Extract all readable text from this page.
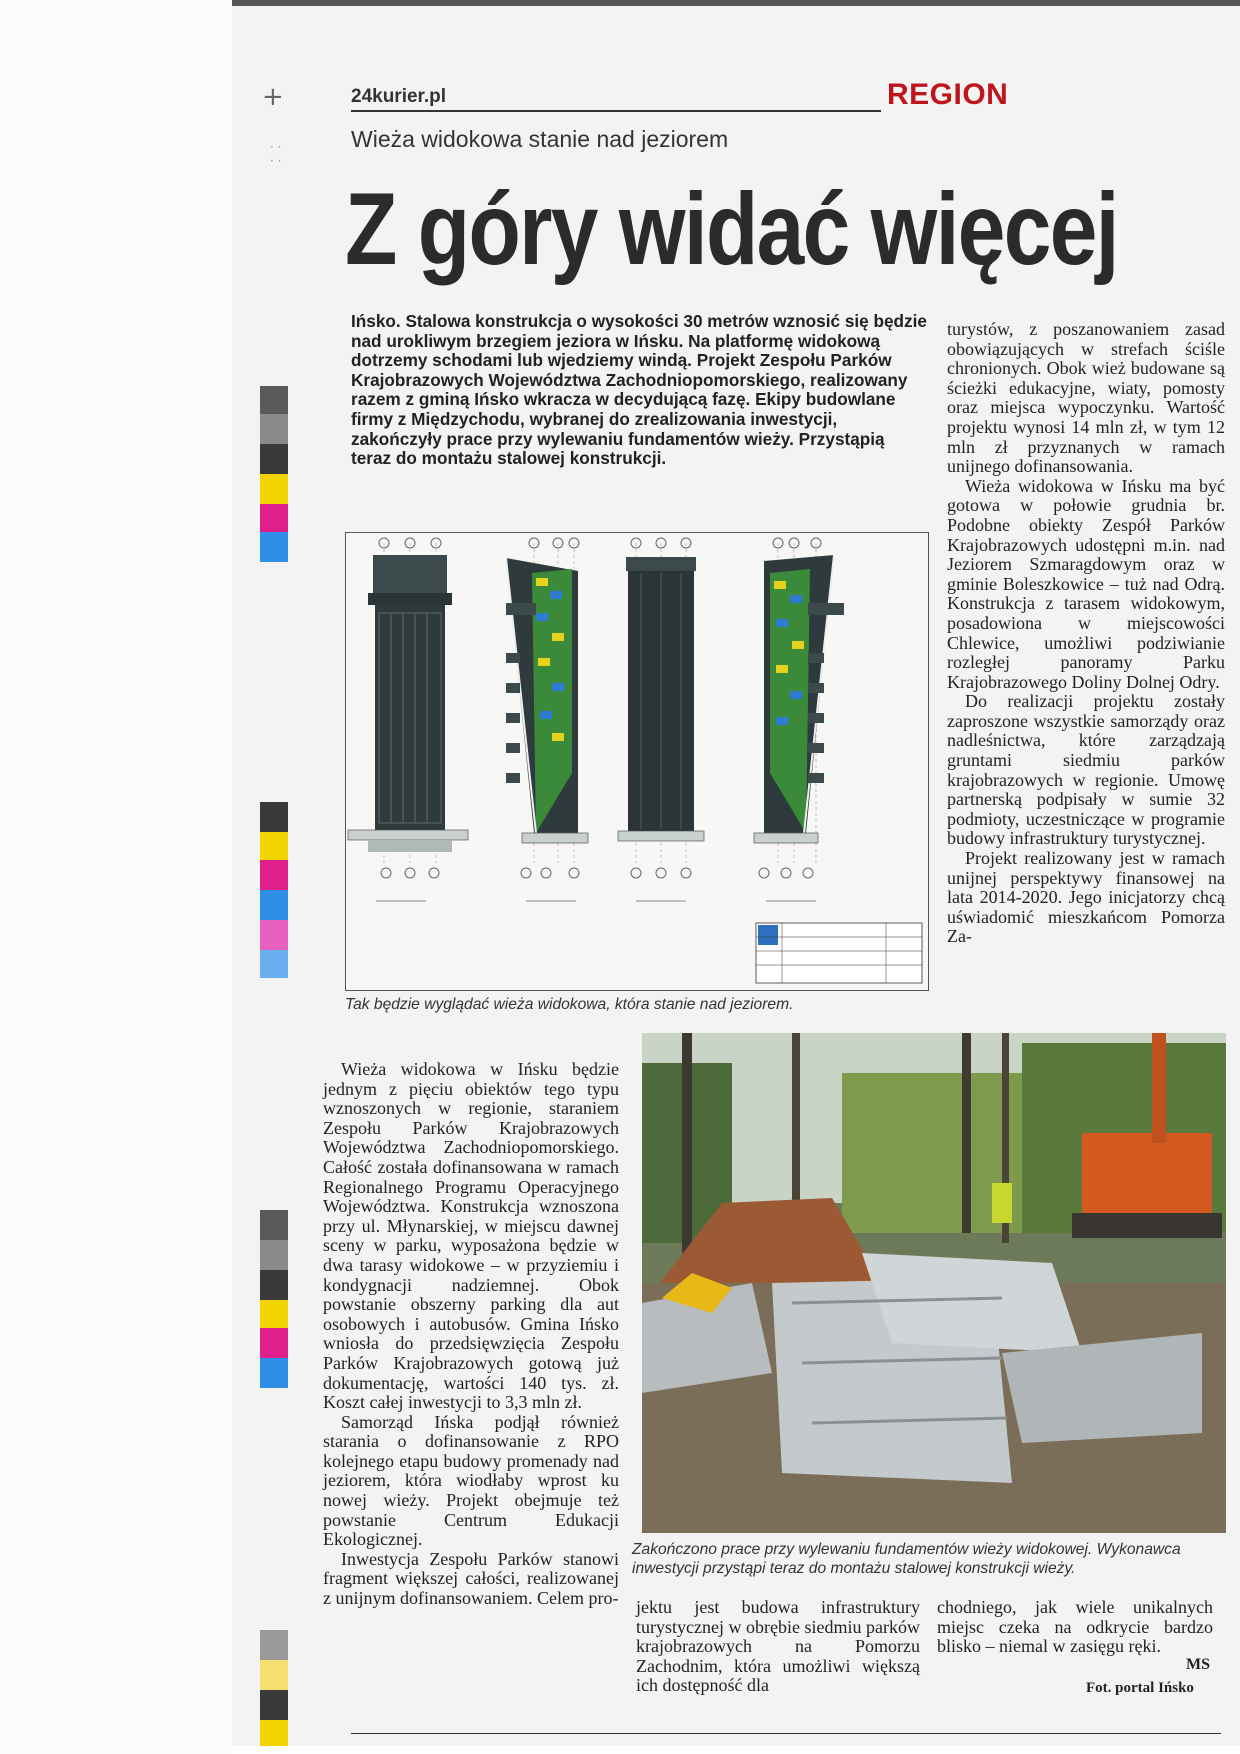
+
· ·
· ·
24kurier.pl	REGION
Wieża widokowa stanie nad jeziorem
Z góry widać więcej

Ińsko. Stalowa konstrukcja o wysokości 30 metrów wznosić się będzie nad urokliwym brzegiem jeziora w Ińsku. Na platformę widokową dotrzemy schodami lub wjedziemy windą. Projekt Zespołu Parków Krajobrazowych Województwa Zachodniopomorskiego, realizowany razem z gminą Ińsko wkracza w decydującą fazę. Ekipy budowlane firmy z Międzychodu, wybranej do zrealizowania inwestycji, zakończyły prace przy wylewaniu fundamentów wieży. Przystąpią teraz do montażu stalowej konstrukcji.

turystów, z poszanowaniem zasad obowiązujących w strefach ściśle chronionych. Obok wież budowane są ścieżki edukacyjne, wiaty, pomosty oraz miejsca wypoczynku. Wartość projektu wynosi 14 mln zł, w tym 12 mln zł przyznanych w ramach unijnego dofinansowania.

Wieża widokowa w Ińsku ma być gotowa w połowie grudnia br. Podobne obiekty Zespół Parków Krajobrazowych udostępni m.in. nad Jeziorem Szmaragdowym oraz w gminie Boleszkowice – tuż nad Odrą. Konstrukcja z tarasem widokowym, posadowiona w miejscowości Chlewice, umożliwi podziwianie rozległej panoramy Parku Krajobrazowego Doliny Dolnej Odry.

Do realizacji projektu zostały zaproszone wszystkie samorządy oraz nadleśnictwa, które zarządzają gruntami siedmiu parków krajobrazowych w regionie. Umowę partnerską podpisały w sumie 32 podmioty, uczestniczące w programie budowy infrastruktury turystycznej.

Projekt realizowany jest w ramach unijnej perspektywy finansowej na lata 2014-2020. Jego inicjatorzy chcą uświadomić mieszkańcom Pomorza Za-

Tak będzie wyglądać wieża widokowa, która stanie nad jeziorem.

Wieża widokowa w Ińsku będzie jednym z pięciu obiektów tego typu wznoszonych w regionie, staraniem Zespołu Parków Krajobrazowych Województwa Zachodniopomorskiego. Całość została dofinansowana w ramach Regionalnego Programu Operacyjnego Województwa. Konstrukcja wznoszona przy ul. Młynarskiej, w miejscu dawnej sceny w parku, wyposażona będzie w dwa tarasy widokowe – w przyziemiu i kondygnacji nadziemnej. Obok powstanie obszerny parking dla aut osobowych i autobusów. Gmina Ińsko wniosła do przedsięwzięcia Zespołu Parków Krajobrazowych gotową już dokumentację, wartości 140 tys. zł. Koszt całej inwestycji to 3,3 mln zł.

Samorząd Ińska podjął również starania o dofinansowanie z RPO kolejnego etapu budowy promenady nad jeziorem, która wiodłaby wprost ku nowej wieży. Projekt obejmuje też powstanie Centrum Edukacji Ekologicznej.

Inwestycja Zespołu Parków stanowi fragment większej całości, realizowanej z unijnym dofinansowaniem. Celem pro-

Zakończono prace przy wylewaniu fundamentów wieży widokowej. Wykonawca inwestycji przystąpi teraz do montażu stalowej konstrukcji wieży.

jektu jest budowa infrastruktury turystycznej w obrębie siedmiu parków krajobrazowych na Pomorzu Zachodnim, która umożliwi większą ich dostępność dla

chodniego, jak wiele unikalnych miejsc czeka na odkrycie bardzo blisko – niemal w zasięgu ręki.

MS
Fot. portal Ińsko
